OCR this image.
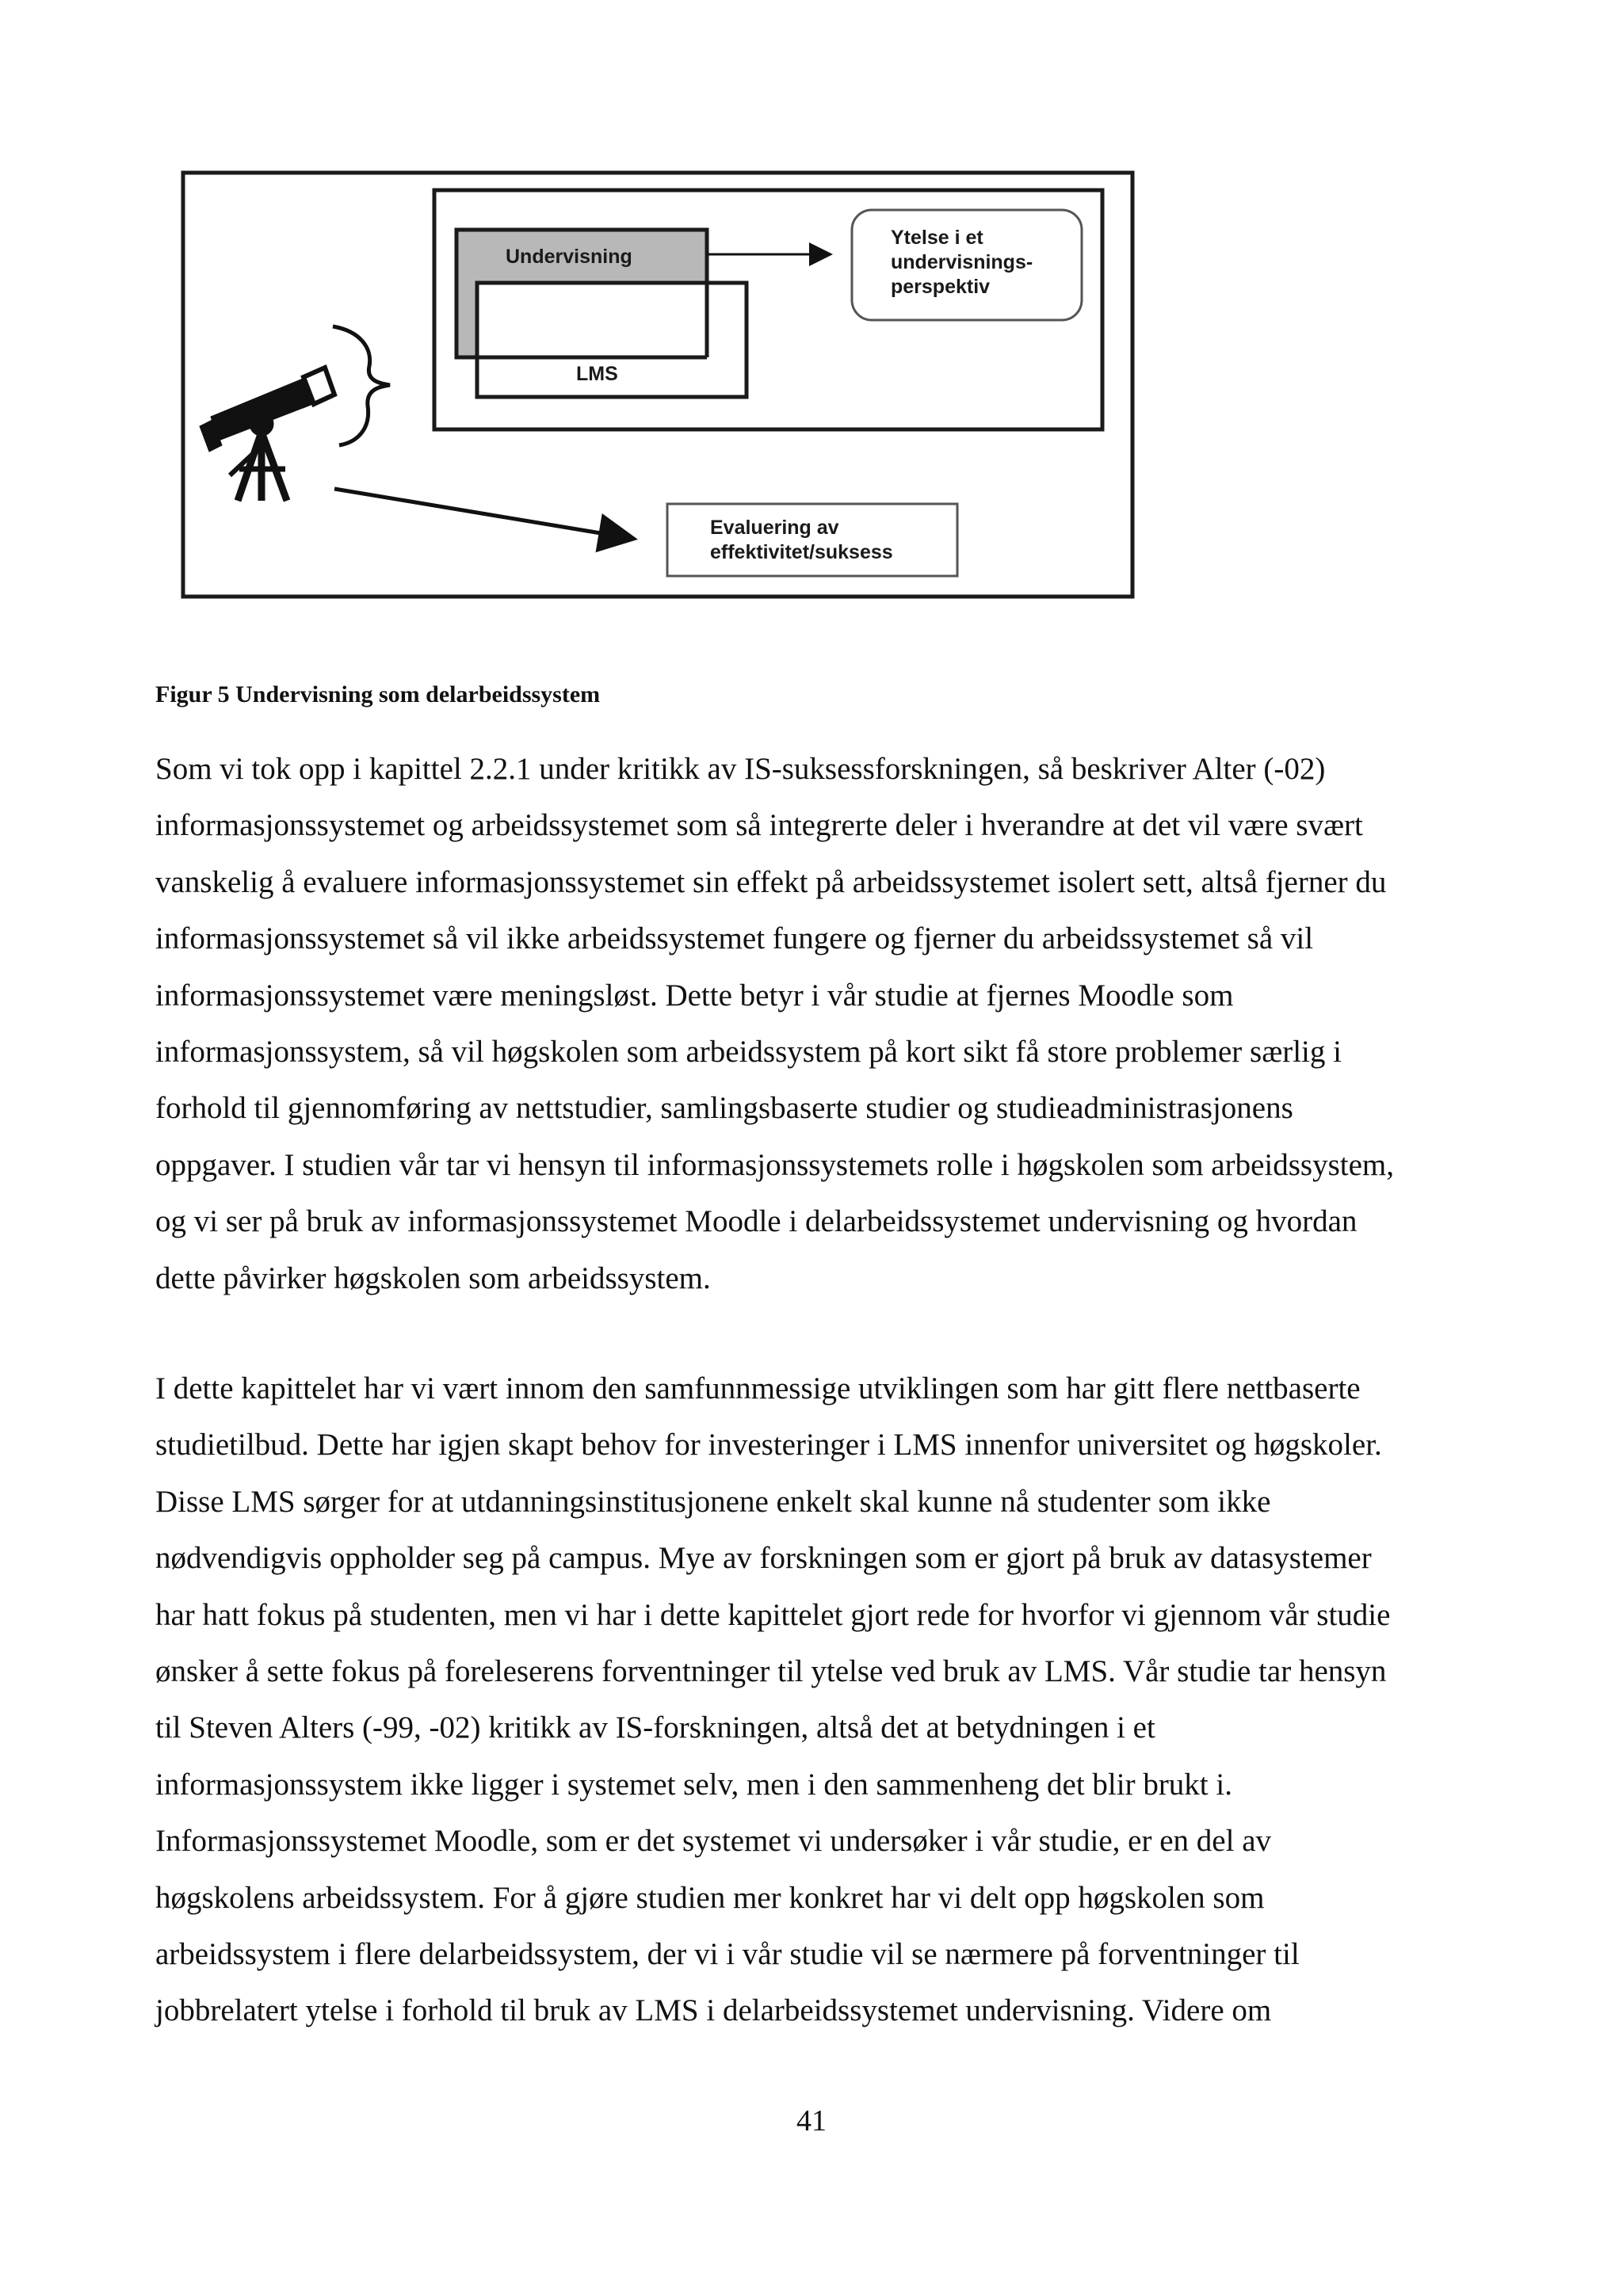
Undervisning
LMS
Ytelse i et
undervisnings-
perspektiv
Evaluering av
effektivitet/suksess
Figur 5 Undervisning som delarbeidssystem
Som vi tok opp i kapittel 2.2.1 under kritikk av IS-suksessforskningen, så beskriver Alter (-02)
informasjonssystemet og arbeidssystemet som så integrerte deler i hverandre at det vil være svært
vanskelig å evaluere informasjonssystemet sin effekt på arbeidssystemet isolert sett, altså fjerner du
informasjonssystemet så vil ikke arbeidssystemet fungere og fjerner du arbeidssystemet så vil
informasjonssystemet være meningsløst. Dette betyr i vår studie at fjernes Moodle som
informasjonssystem, så vil høgskolen som arbeidssystem på kort sikt få store problemer særlig i
forhold til gjennomføring av nettstudier, samlingsbaserte studier og studieadministrasjonens
oppgaver. I studien vår tar vi hensyn til informasjonssystemets rolle i høgskolen som arbeidssystem,
og vi ser på bruk av informasjonssystemet Moodle i delarbeidssystemet undervisning og hvordan
dette påvirker høgskolen som arbeidssystem.
I dette kapittelet har vi vært innom den samfunnmessige utviklingen som har gitt flere nettbaserte
studietilbud. Dette har igjen skapt behov for investeringer i LMS innenfor universitet og høgskoler.
Disse LMS sørger for at utdanningsinstitusjonene enkelt skal kunne nå studenter som ikke
nødvendigvis oppholder seg på campus. Mye av forskningen som er gjort på bruk av datasystemer
har hatt fokus på studenten, men vi har i dette kapittelet gjort rede for hvorfor vi gjennom vår studie
ønsker å sette fokus på foreleserens forventninger til ytelse ved bruk av LMS. Vår studie tar hensyn
til Steven Alters (-99, -02) kritikk av IS-forskningen, altså det at betydningen i et
informasjonssystem ikke ligger i systemet selv, men i den sammenheng det blir brukt i.
Informasjonssystemet Moodle, som er det systemet vi undersøker i vår studie, er en del av
høgskolens arbeidssystem. For å gjøre studien mer konkret har vi delt opp høgskolen som
arbeidssystem i flere delarbeidssystem, der vi i vår studie vil se nærmere på forventninger til
jobbrelatert ytelse i forhold til bruk av LMS i delarbeidssystemet undervisning. Videre om
41
